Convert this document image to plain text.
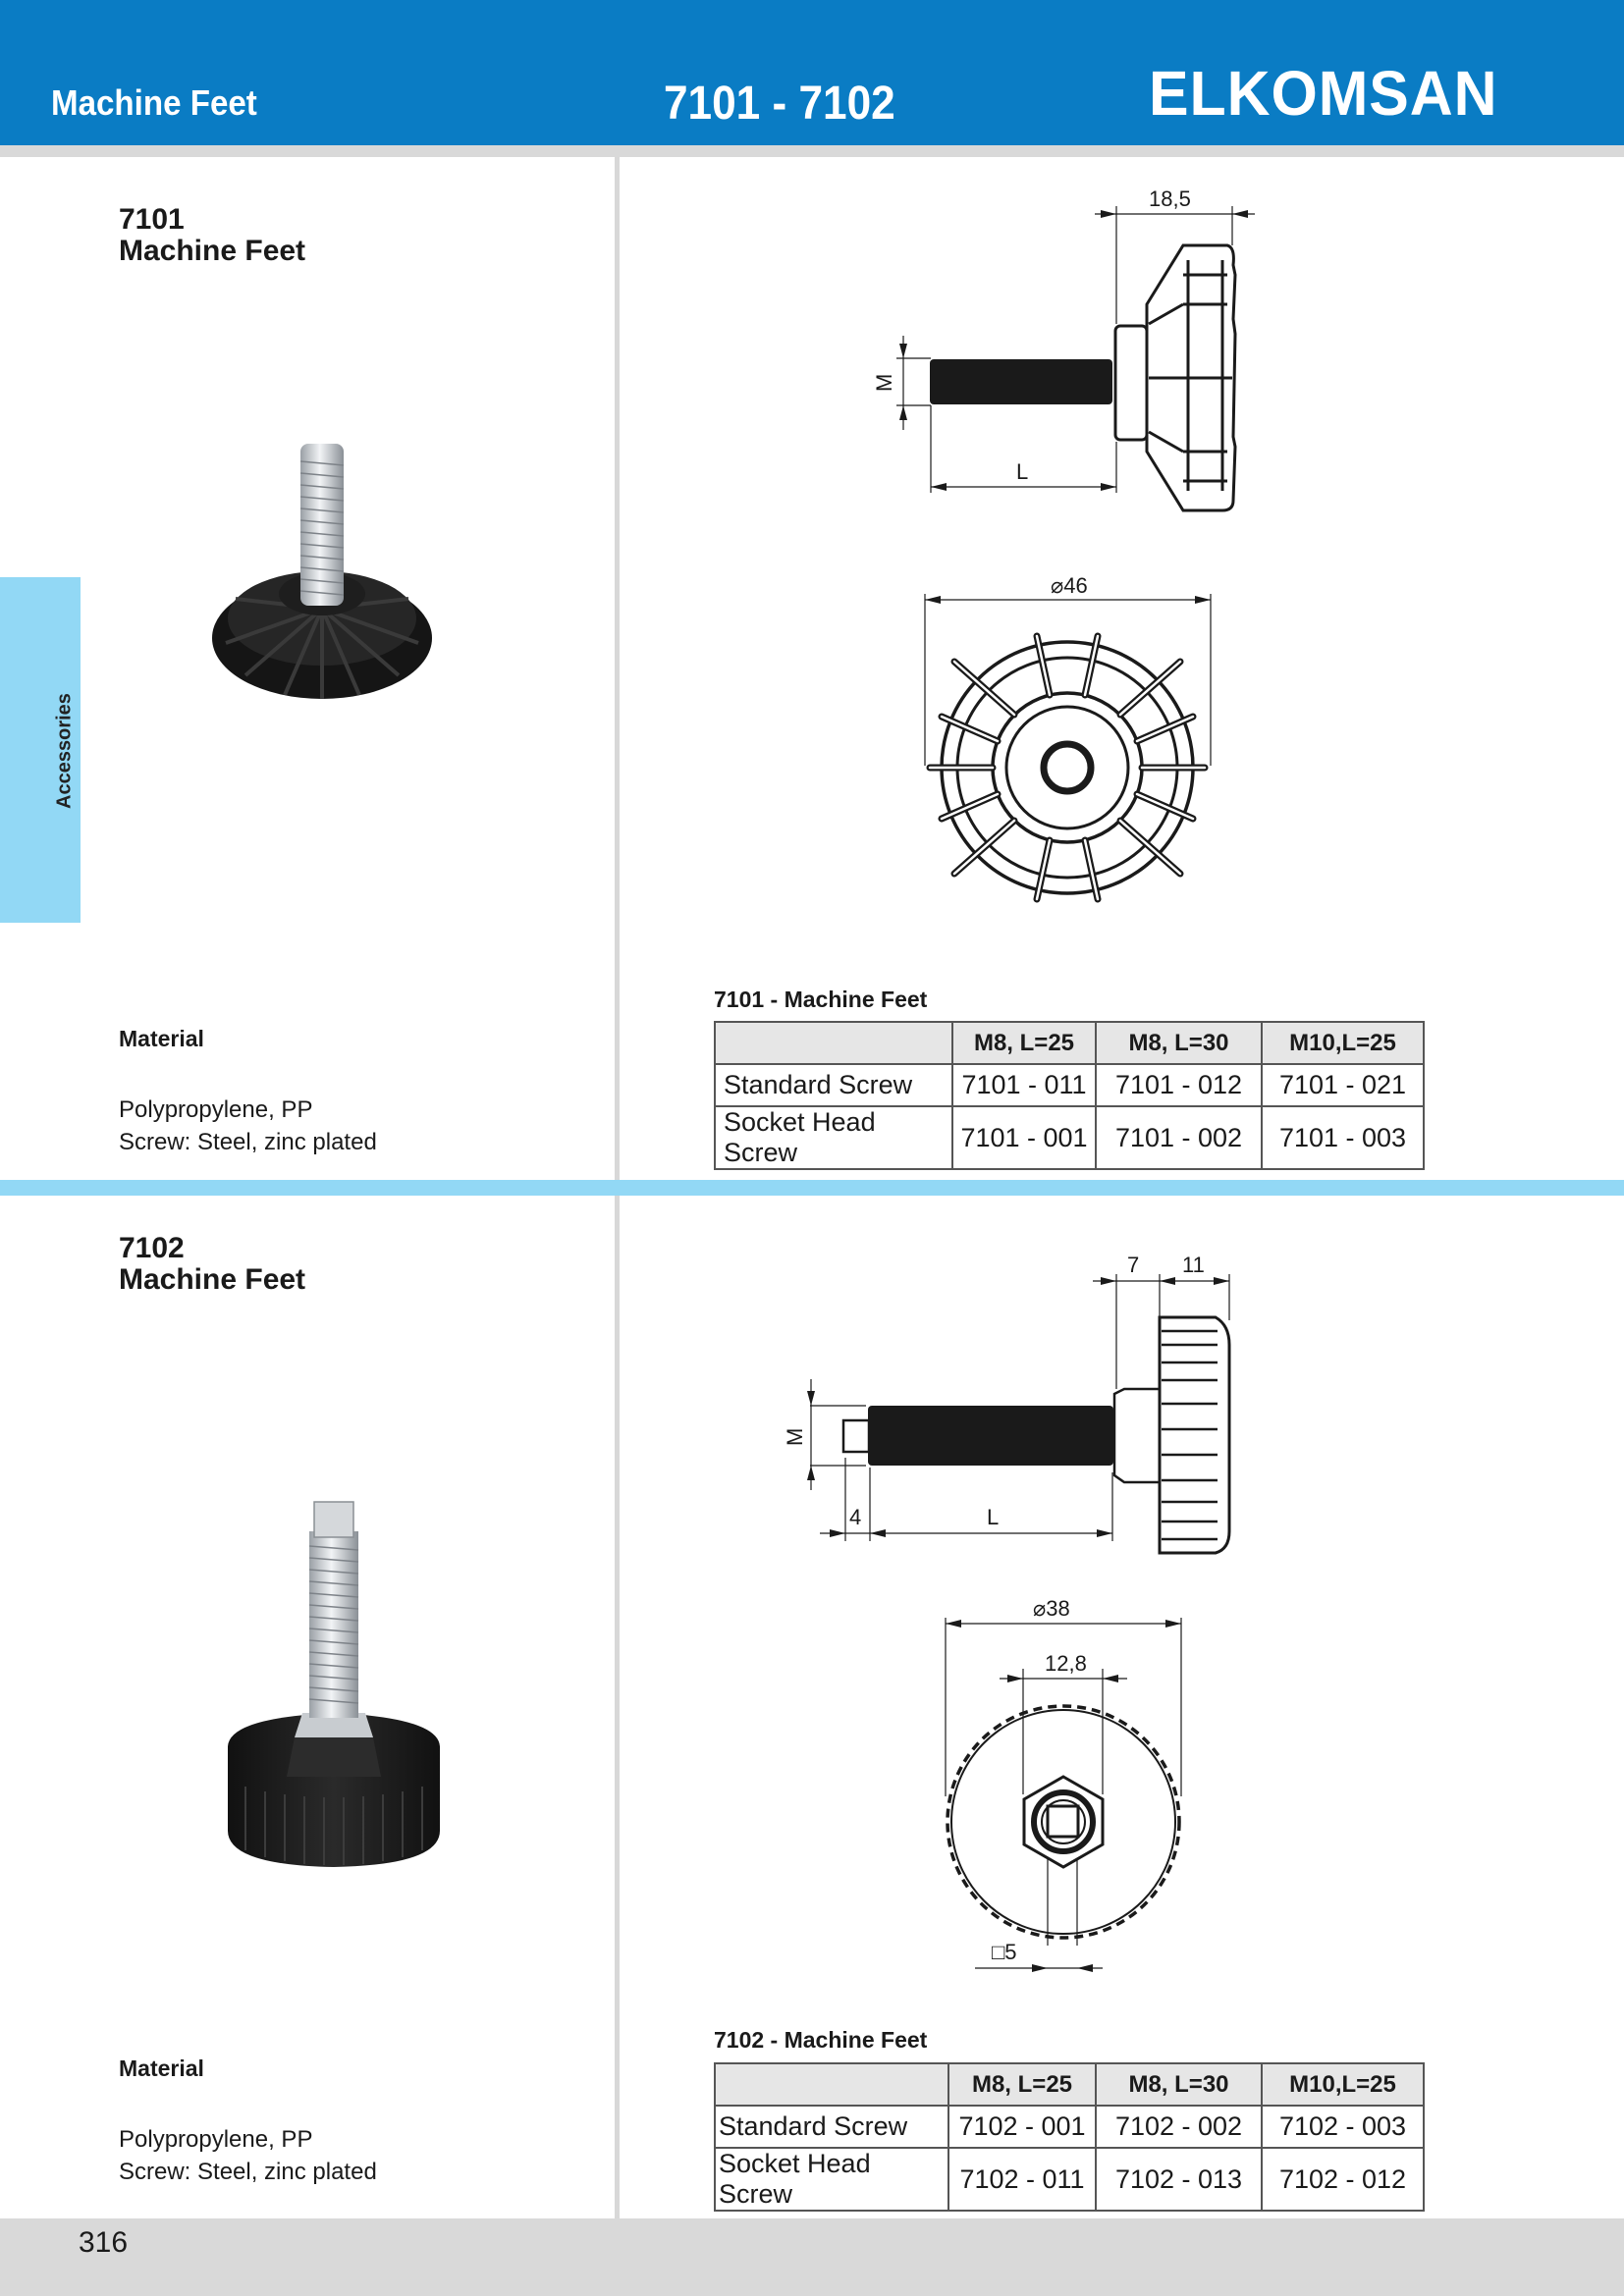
Machine Feet	7101 - 7102	ELKOMSAN
Accessories
7101
Machine Feet
18,5
M
L
⌀46
Material
Polypropylene, PP
Screw: Steel, zinc plated
7101 - Machine Feet
	M8, L=25	M8, L=30	M10,L=25
Standard Screw	7101 - 011	7101 - 012	7101 - 021
Socket Head Screw	7101 - 001	7101 - 002	7101 - 003
7102
Machine Feet	7 11
M
4	L
⌀38
12,8
□5
Material
Polypropylene, PP
Screw: Steel, zinc plated
7102 - Machine Feet
	M8, L=25	M8, L=30	M10,L=25
Standard Screw	7102 - 001	7102 - 002	7102 - 003
Socket Head Screw	7102 - 011	7102 - 013	7102 - 012
316
